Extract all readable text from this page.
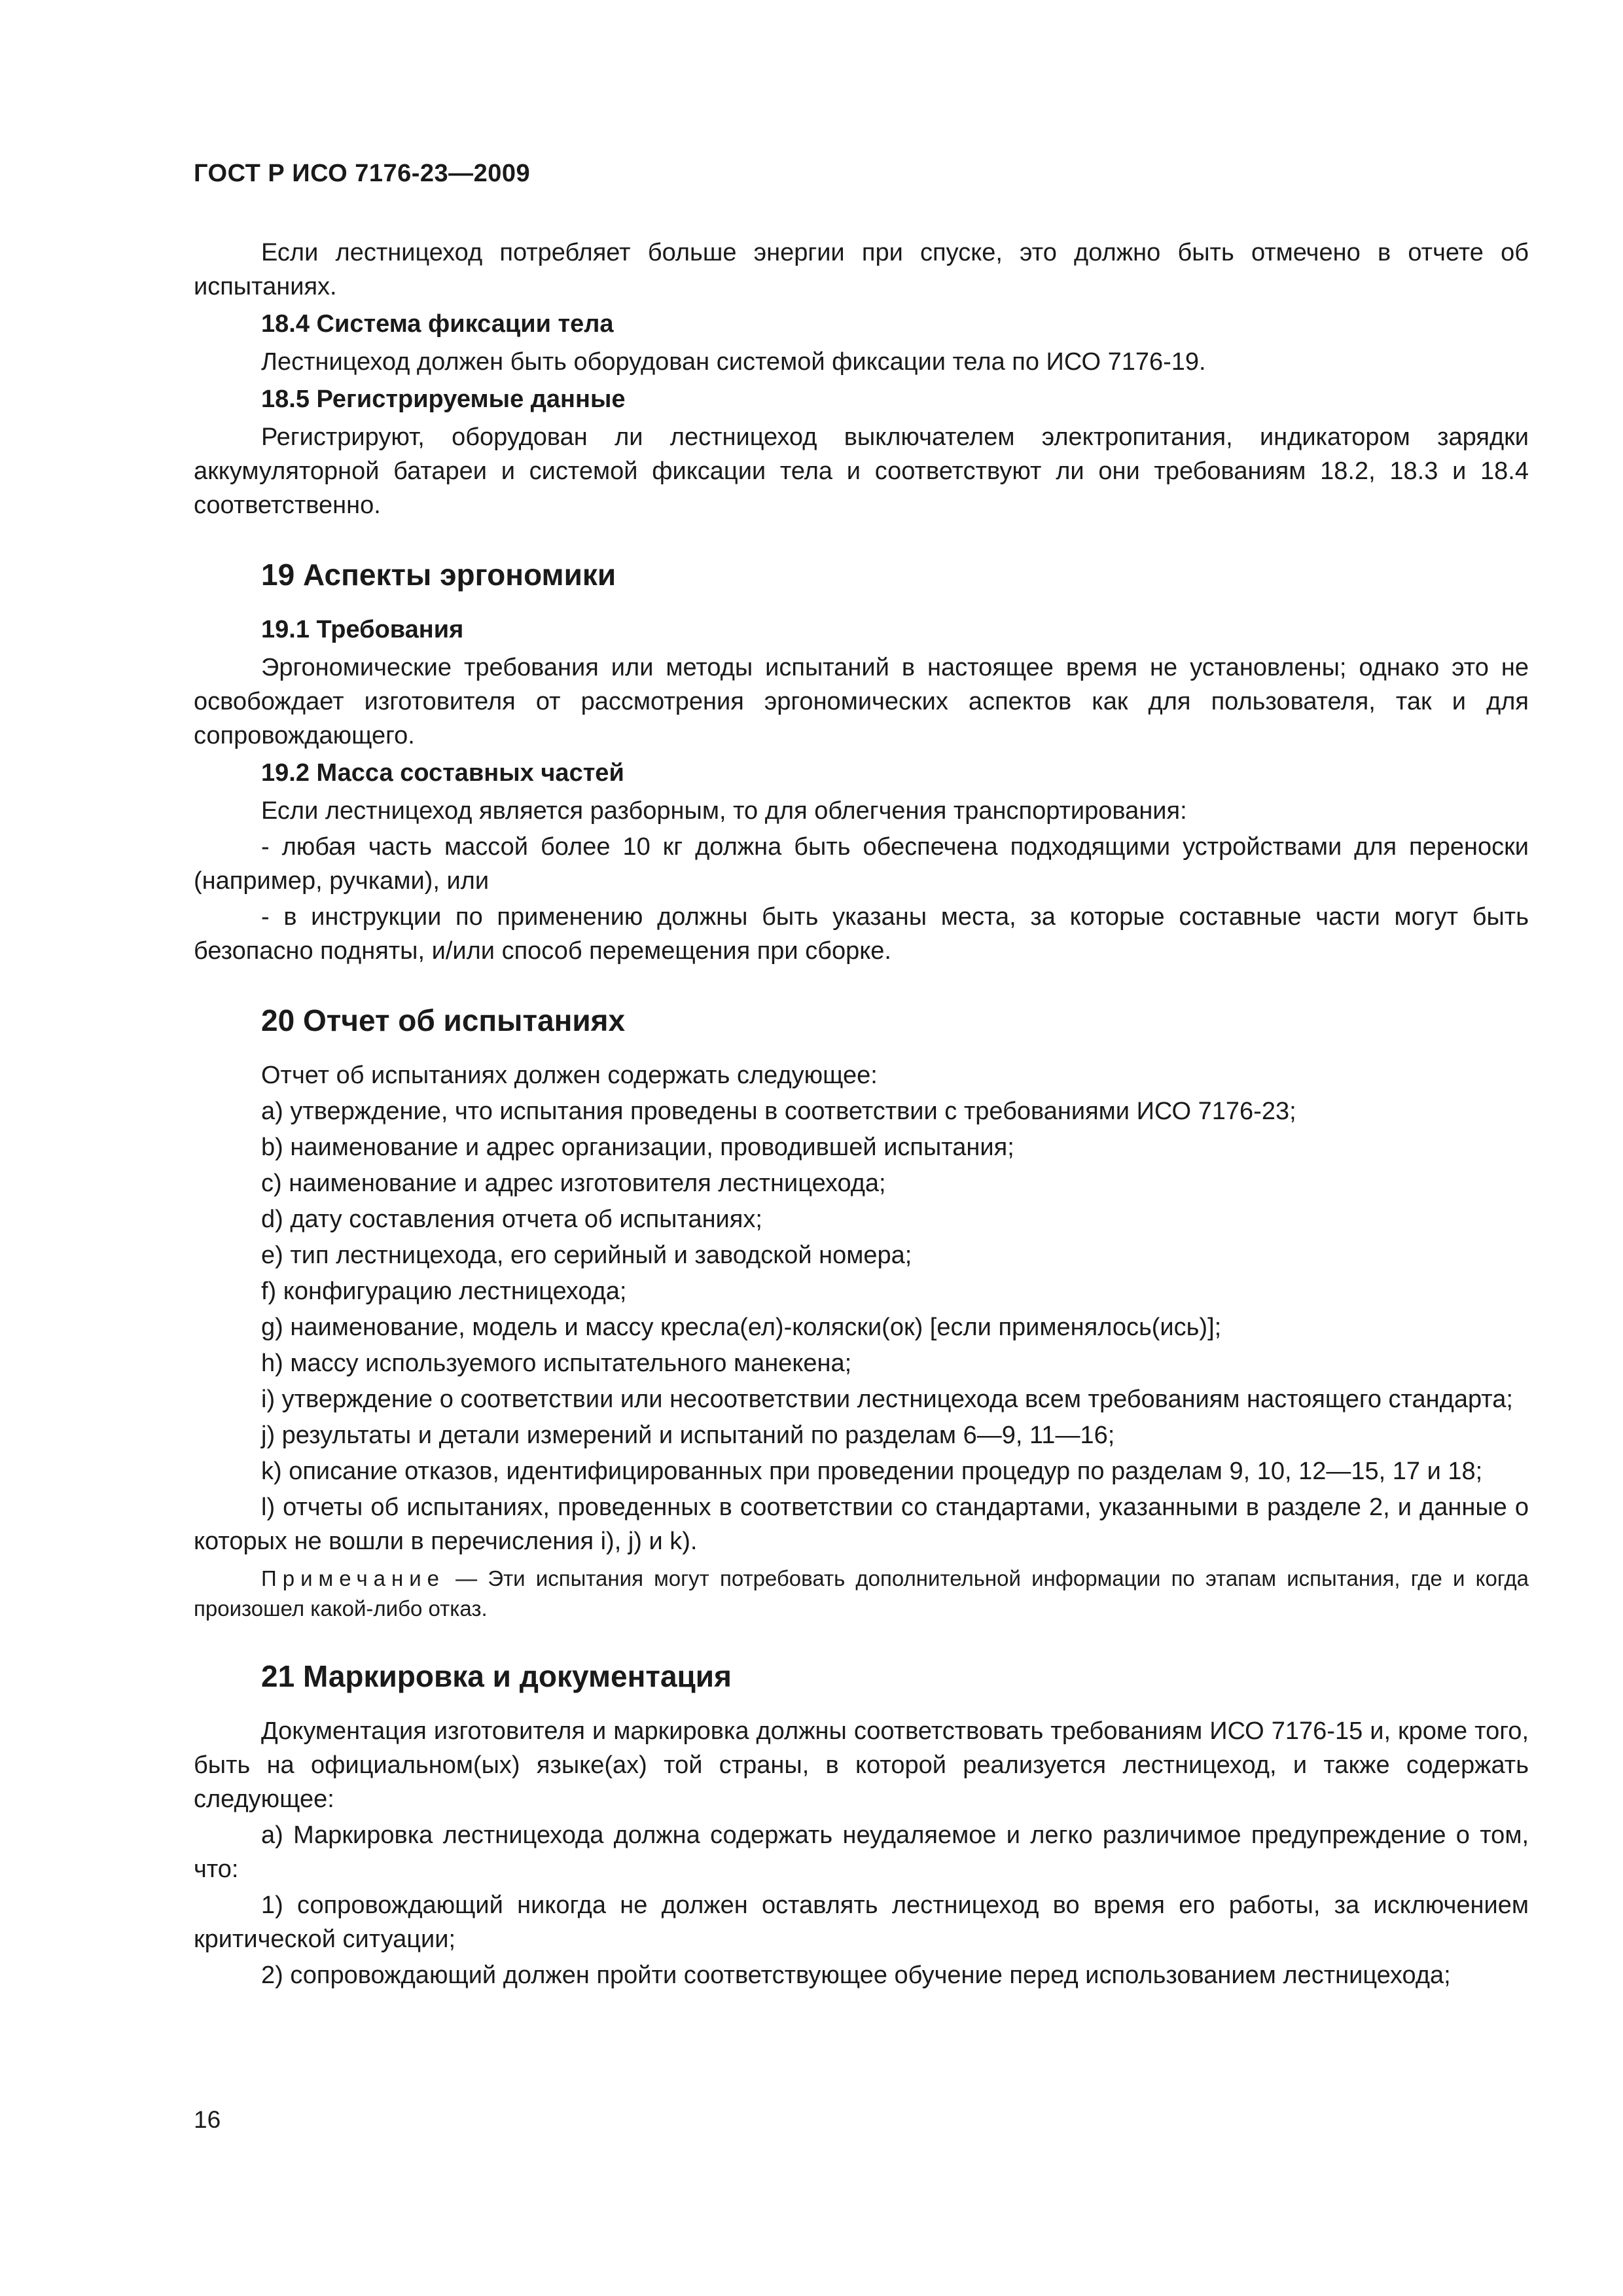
ГОСТ Р ИСО 7176-23—2009

Если лестницеход потребляет больше энергии при спуске, это должно быть отмечено в отчете об испытаниях.

18.4 Система фиксации тела

Лестницеход должен быть оборудован системой фиксации тела по ИСО 7176-19.

18.5 Регистрируемые данные

Регистрируют, оборудован ли лестницеход выключателем электропитания, индикатором зарядки аккумуляторной батареи и системой фиксации тела и соответствуют ли они требованиям 18.2, 18.3 и 18.4 соответственно.

19 Аспекты эргономики
19.1 Требования

Эргономические требования или методы испытаний в настоящее время не установлены; однако это не освобождает изготовителя от рассмотрения эргономических аспектов как для пользователя, так и для сопровождающего.

19.2 Масса составных частей

Если лестницеход является разборным, то для облегчения транспортирования:

- любая часть массой более 10 кг должна быть обеспечена подходящими устройствами для переноски (например, ручками), или

- в инструкции по применению должны быть указаны места, за которые составные части могут быть безопасно подняты, и/или способ перемещения при сборке.

20 Отчет об испытаниях

Отчет об испытаниях должен содержать следующее:

a) утверждение, что испытания проведены в соответствии с требованиями ИСО 7176-23;

b) наименование и адрес организации, проводившей испытания;

c) наименование и адрес изготовителя лестницехода;

d) дату составления отчета об испытаниях;

e) тип лестницехода, его серийный и заводской номера;

f) конфигурацию лестницехода;

g) наименование, модель и массу кресла(ел)-коляски(ок) [если применялось(ись)];

h) массу используемого испытательного манекена;

i) утверждение о соответствии или несоответствии лестницехода всем требованиям настоящего стандарта;

j) результаты и детали измерений и испытаний по разделам 6—9, 11—16;

k) описание отказов, идентифицированных при проведении процедур по разделам 9, 10, 12—15, 17 и 18;

l) отчеты об испытаниях, проведенных в соответствии со стандартами, указанными в разделе 2, и данные о которых не вошли в перечисления i), j) и k).

Примечание — Эти испытания могут потребовать дополнительной информации по этапам испытания, где и когда произошел какой-либо отказ.

21 Маркировка и документация

Документация изготовителя и маркировка должны соответствовать требованиям ИСО 7176-15 и, кроме того, быть на официальном(ых) языке(ах) той страны, в которой реализуется лестницеход, и также содержать следующее:

a) Маркировка лестницехода должна содержать неудаляемое и легко различимое предупреждение о том, что:

1) сопровождающий никогда не должен оставлять лестницеход во время его работы, за исключением критической ситуации;

2) сопровождающий должен пройти соответствующее обучение перед использованием лестницехода;

16
